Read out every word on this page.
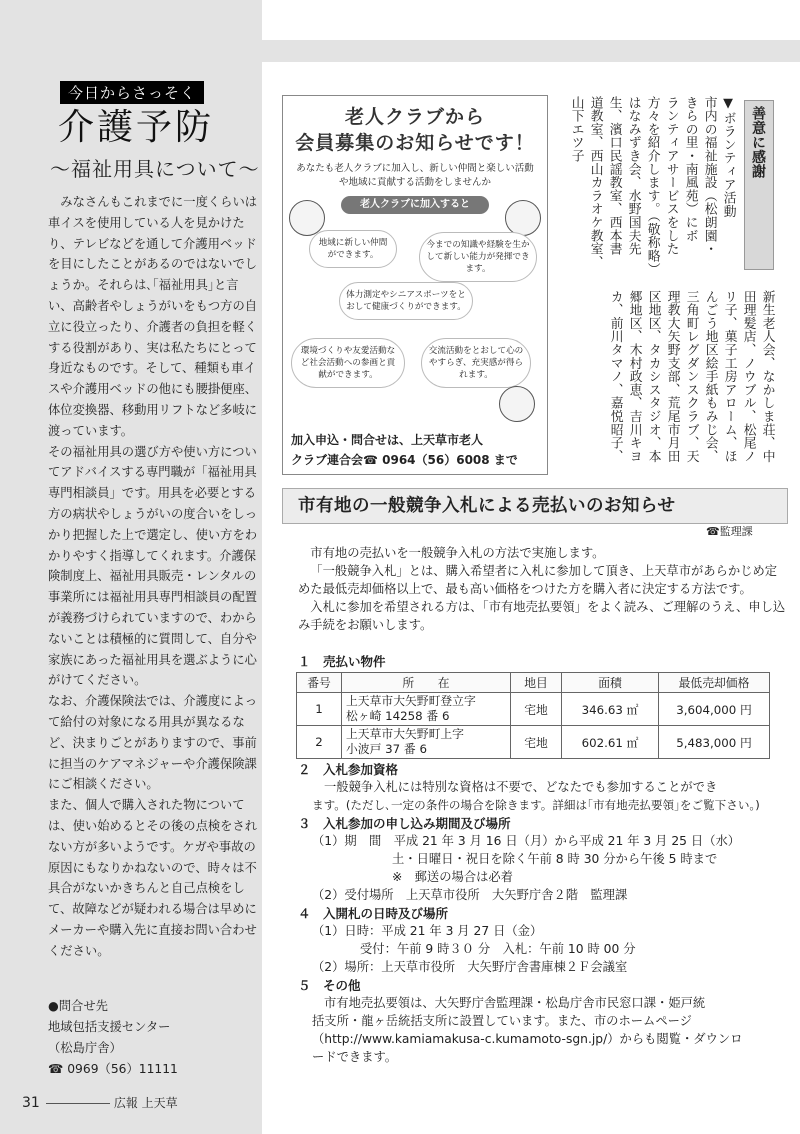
今日からさっそく
介護予防
～福祉用具について～

みなさんもこれまでに一度くらいは車イスを使用している人を見かけたり、テレビなどを通して介護用ベッドを目にしたことがあるのではないでしょうか。それらは､｢福祉用具｣と言い、高齢者やしょうがいをもつ方の自立に役立ったり、介護者の負担を軽くする役割があり、実は私たちにとって身近なものです。そして、種類も車イスや介護用ベッドの他にも腰掛便座、体位変換器、移動用リフトなど多岐に渡っています。

その福祉用具の選び方や使い方についてアドバイスする専門職が「福祉用具専門相談員」です。用具を必要とする方の病状やしょうがいの度合いをしっかり把握した上で選定し、使い方をわかりやすく指導してくれます。介護保険制度上、福祉用具販売・レンタルの事業所には福祉用具専門相談員の配置が義務づけられていますので、わからないことは積極的に質問して、自分や家族にあった福祉用具を選ぶように心がけてください。

なお、介護保険法では、介護度によって給付の対象になる用具が異なるなど、決まりごとがありますので、事前に担当のケアマネジャーや介護保険課にご相談ください。

また、個人で購入された物については、使い始めるとその後の点検をされない方が多いようです。ケガや事故の原因にもなりかねないので、時々は不具合がないかきちんと自己点検をして、故障などが疑われる場合は早めにメーカーや購入先に直接お問い合わせください。

●問合せ先
地域包括支援センター
（松島庁舎）
☎ 0969（56）11111
31	広報 上天草
老人クラブから
会員募集のお知らせです！
あなたも老人クラブに加入し、新しい仲間と楽しい活動や地域に貢献する活動をしませんか
老人クラブに加入すると
地域に新しい仲間ができます。
今までの知識や経験を生かして新しい能力が発揮できます。
体力測定やシニアスポーツをとおして健康づくりができます。
環境づくりや友愛活動など社会活動への参画と貢献ができます。
交流活動をとおして心のやすらぎ、充実感が得られます。
加入申込・問合せは、上天草市老人
クラブ連合会☎ 0964（56）6008 まで
善意に感謝
▼ボランティア活動
市内の福祉施設（松朗園・
きらの里・南風苑）にボ
ランティアサービスをした
方々を紹介します。（敬称略）
はなみずき会、水野国夫先
生、濱口民謡教室、西本書
道教室、西山カラオケ教室、
山下エツ子
新生老人会、なかしま荘、中
田理髪店、ノウブル、松尾ノ
リ子、菓子工房アローム、ほ
んごう地区絵手紙もみじ会、
三角町レグダンスクラブ、天
理教大矢野支部、荒尾市月田
区地区、タカシスタジオ、本
郷地区、木村政恵、吉川キヨ
カ、前川タマノ、嘉悦昭子、
市有地の一般競争入札による売払いのお知らせ
☎監理課

市有地の売払いを一般競争入札の方法で実施します。

「一般競争入札」とは、購入希望者に入札に参加して頂き、上天草市があらかじめ定めた最低売却価格以上で、最も高い価格をつけた方を購入者に決定する方法です。

入札に参加を希望される方は、「市有地売払要領」をよく読み、ご理解のうえ、申し込み手続をお願いします。

１　売払い物件
番号	所　　在	地目	面積	最低売却価格
1	上天草市大矢野町登立字
松ヶ崎 14258 番 6	宅地	346.63 ㎡	3,604,000 円
2	上天草市大矢野町上字
小波戸 37 番 6	宅地	602.61 ㎡	5,483,000 円
２　入札参加資格
一般競争入札には特別な資格は不要で、どなたでも参加することができ
ます。(ただし､一定の条件の場合を除きます。詳細は｢市有地売払要領｣をご覧下さい。)
３　入札参加の申し込み期間及び場所
（1）期　間　平成 21 年 3 月 16 日（月）から平成 21 年 3 月 25 日（水）
土・日曜日・祝日を除く午前 8 時 30 分から午後 5 時まで
※　郵送の場合は必着
（2）受付場所　上天草市役所　大矢野庁舎２階　監理課
４　入開札の日時及び場所
（1）日時：平成 21 年 3 月 27 日（金）
受付：午前 9 時３０ 分　入札：午前 10 時 00 分
（2）場所：上天草市役所　大矢野庁舎書庫棟２Ｆ会議室
５　その他
市有地売払要領は、大矢野庁舎監理課・松島庁舎市民窓口課・姫戸統
括支所・龍ヶ岳統括支所に設置しています。また、市のホームページ
（http://www.kamiamakusa-c.kumamoto-sgn.jp/）からも閲覧・ダウンロ
ードできます。
